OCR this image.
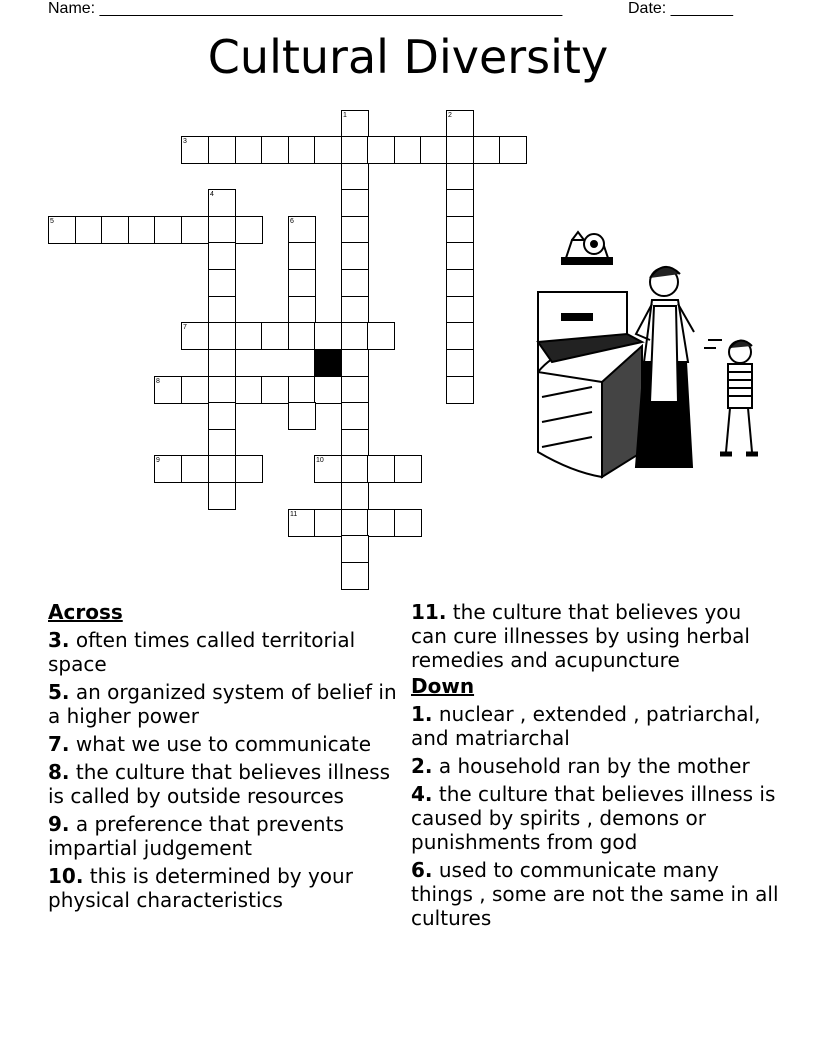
Name: ____________________________________________________	Date: _______
Cultural Diversity
1	2
3
4
5	6
7
8
9	10
11
Across
3. often times called territorial space
5. an organized system of belief in a higher power
7. what we use to communicate
8. the culture that believes illness is called by outside resources
9. a preference that prevents impartial judgement
10. this is determined by your physical characteristics
11. the culture that believes you can cure illnesses by using herbal remedies and acupuncture
Down
1. nuclear , extended , patriarchal, and matriarchal
2. a household ran by the mother
4. the culture that believes illness is caused by spirits , demons or punishments from god
6. used to communicate many things , some are not the same in all cultures
